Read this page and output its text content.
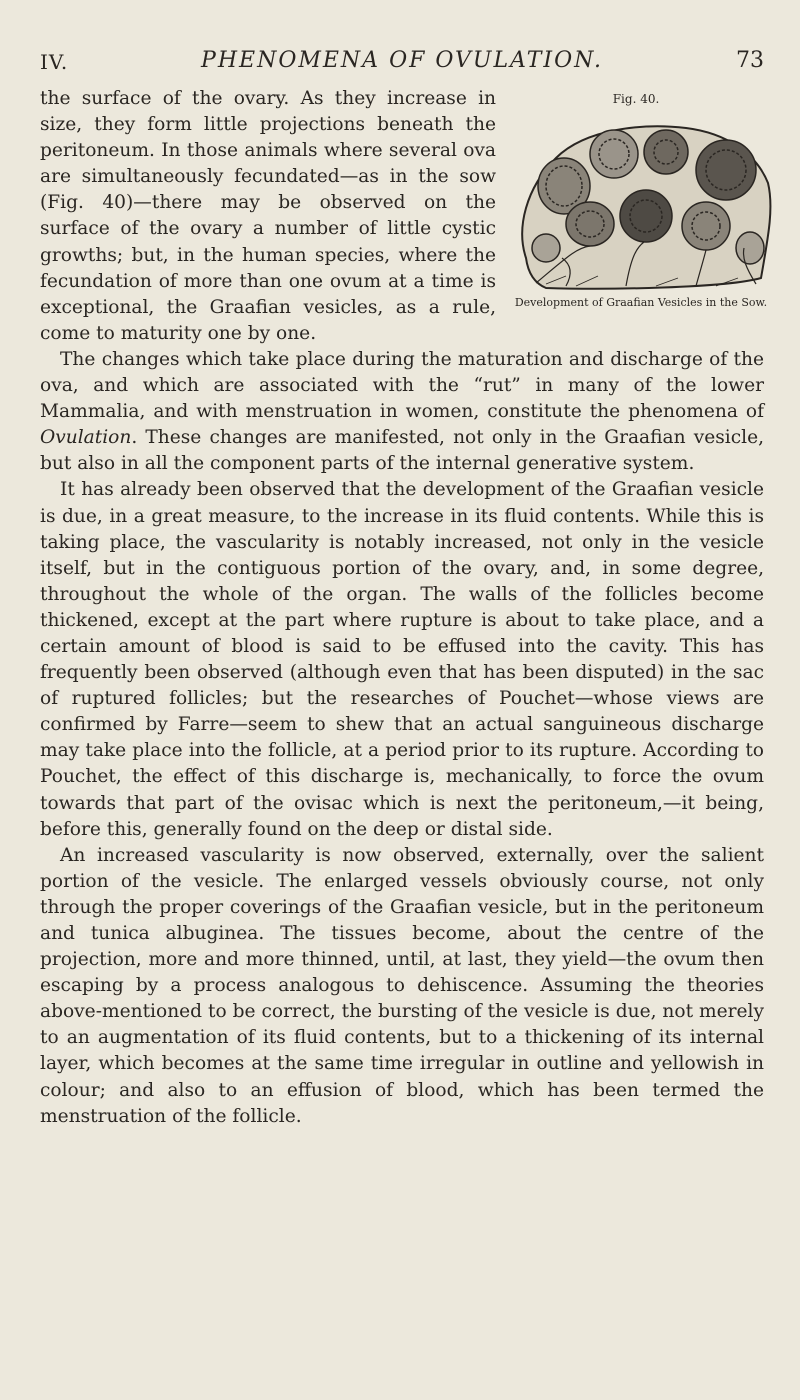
IV.	PHENOMENA OF OVULATION.	73
Fig. 40.
Development of Graafian Vesicles in the Sow.

the surface of the ovary. As they increase in size, they form little projections beneath the peritoneum. In those animals where several ova are simultaneously fecundated—as in the sow (Fig. 40)—there may be observed on the surface of the ovary a number of little cystic growths; but, in the human species, where the fecundation of more than one ovum at a time is exceptional, the Graafian vesicles, as a rule, come to maturity one by one.

The changes which take place during the maturation and discharge of the ova, and which are associated with the “rut” in many of the lower Mammalia, and with menstruation in women, constitute the phenomena of Ovulation. These changes are manifested, not only in the Graafian vesicle, but also in all the component parts of the internal generative system.

It has already been observed that the development of the Graafian vesicle is due, in a great measure, to the increase in its fluid contents. While this is taking place, the vascularity is notably increased, not only in the vesicle itself, but in the contiguous portion of the ovary, and, in some degree, throughout the whole of the organ. The walls of the follicles become thickened, except at the part where rupture is about to take place, and a certain amount of blood is said to be effused into the cavity. This has frequently been observed (although even that has been disputed) in the sac of ruptured follicles; but the researches of Pouchet—whose views are confirmed by Farre—seem to shew that an actual sanguineous discharge may take place into the follicle, at a period prior to its rupture. According to Pouchet, the effect of this discharge is, mechanically, to force the ovum towards that part of the ovisac which is next the peritoneum,—it being, before this, generally found on the deep or distal side.

An increased vascularity is now observed, externally, over the salient portion of the vesicle. The enlarged vessels obviously course, not only through the proper coverings of the Graafian vesicle, but in the peritoneum and tunica albuginea. The tissues become, about the centre of the projection, more and more thinned, until, at last, they yield—the ovum then escaping by a process analogous to dehiscence. Assuming the theories above-mentioned to be correct, the bursting of the vesicle is due, not merely to an augmentation of its fluid contents, but to a thickening of its internal layer, which becomes at the same time irregular in outline and yellowish in colour; and also to an effusion of blood, which has been termed the menstruation of the follicle.
